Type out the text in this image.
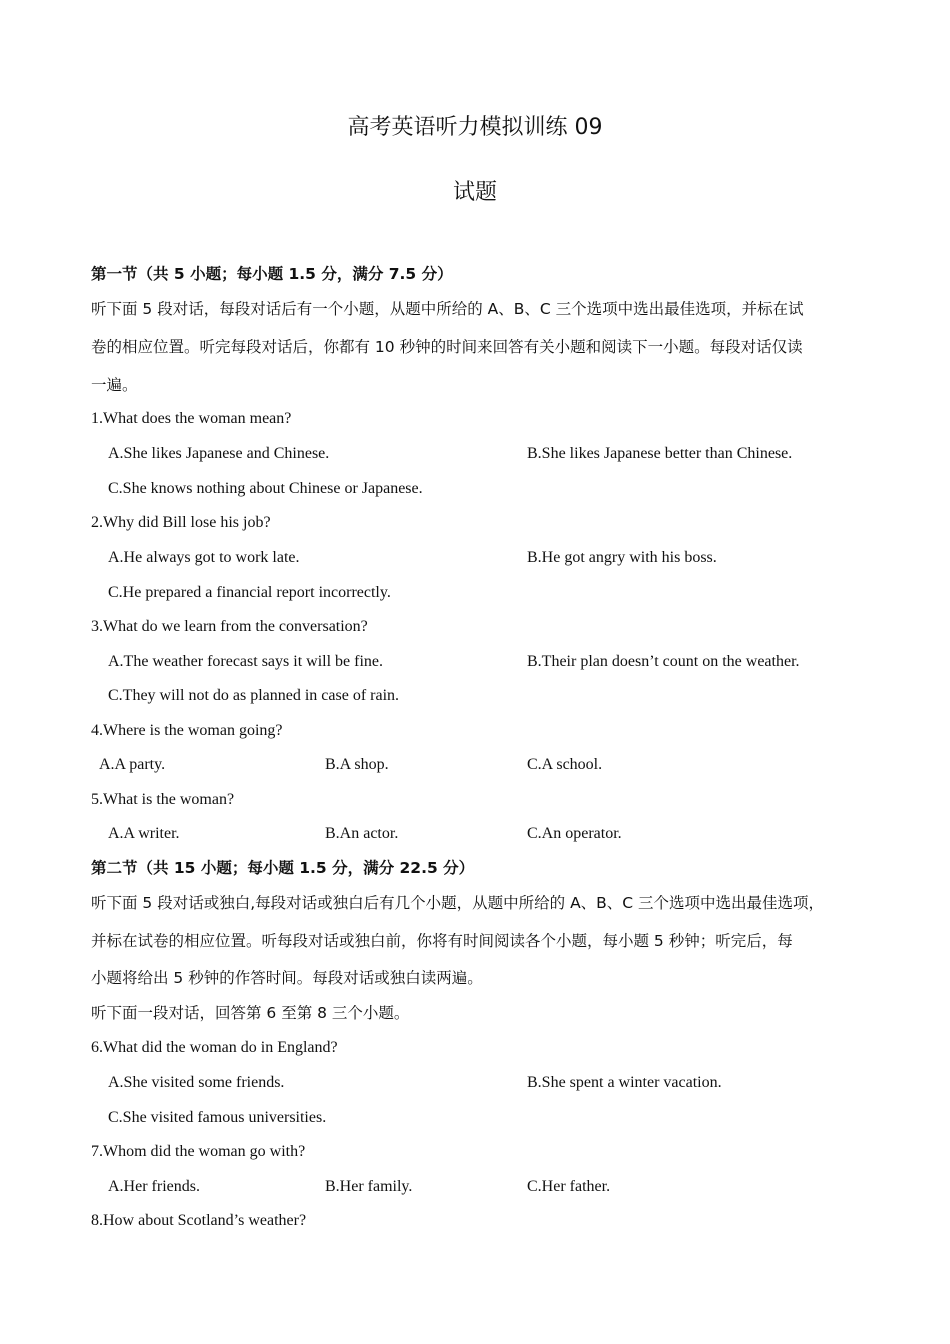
高考英语听力模拟训练 09
试题
第一节（共 5 小题；每小题 1.5 分，满分 7.5 分）
听下面 5 段对话，每段对话后有一个小题，从题中所给的 A、B、C 三个选项中选出最佳选项，并标在试
卷的相应位置。听完每段对话后，你都有 10 秒钟的时间来回答有关小题和阅读下一小题。每段对话仅读
一遍。
1.What does the woman mean?
A.She likes Japanese and Chinese.	B.She likes Japanese better than Chinese.
C.She knows nothing about Chinese or Japanese.
2.Why did Bill lose his job?
A.He always got to work late.	B.He got angry with his boss.
C.He prepared a financial report incorrectly.
3.What do we learn from the conversation?
A.The weather forecast says it will be fine.	B.Their plan doesn’t count on the weather.
C.They will not do as planned in case of rain.
4.Where is the woman going?
A.A party.	B.A shop.	C.A school.
5.What is the woman?
A.A writer.	B.An actor.	C.An operator.
第二节（共 15 小题；每小题 1.5 分，满分 22.5 分）
听下面 5 段对话或独白,每段对话或独白后有几个小题，从题中所给的 A、B、C 三个选项中选出最佳选项，
并标在试卷的相应位置。听每段对话或独白前，你将有时间阅读各个小题，每小题 5 秒钟；听完后，每
小题将给出 5 秒钟的作答时间。每段对话或独白读两遍。
听下面一段对话，回答第 6 至第 8 三个小题。
6.What did the woman do in England?
A.She visited some friends.	B.She spent a winter vacation.
C.She visited famous universities.
7.Whom did the woman go with?
A.Her friends.	B.Her family.	C.Her father.
8.How about Scotland’s weather?
